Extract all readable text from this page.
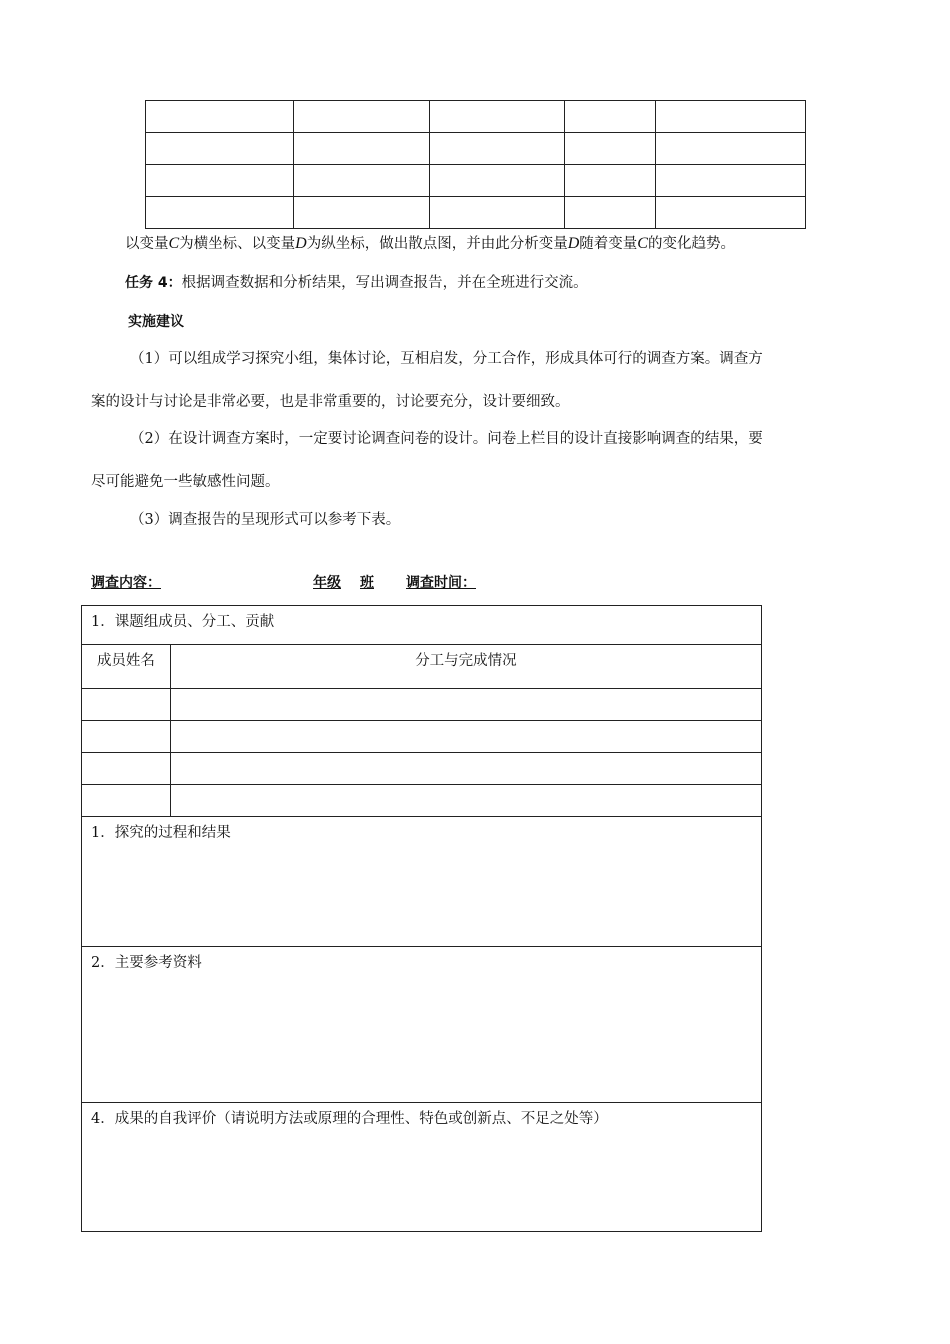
以变量C为横坐标、以变量D为纵坐标，做出散点图，并由此分析变量D随着变量C的变化趋势。
任务 4：根据调查数据和分析结果，写出调查报告，并在全班进行交流。
实施建议
（1）可以组成学习探究小组，集体讨论，互相启发，分工合作，形成具体可行的调查方案。调查方
案的设计与讨论是非常必要，也是非常重要的，讨论要充分，设计要细致。
（2）在设计调查方案时，一定要讨论调查问卷的设计。问卷上栏目的设计直接影响调查的结果，要
尽可能避免一些敏感性问题。
（3）调查报告的呈现形式可以参考下表。
调查内容：	年级 班 调查时间：
1．课题组成员、分工、贡献	
成员姓名	分工与完成情况

1．探究的过程和结果	
2．主要参考资料	
4．成果的自我评价（请说明方法或原理的合理性、特色或创新点、不足之处等）	
